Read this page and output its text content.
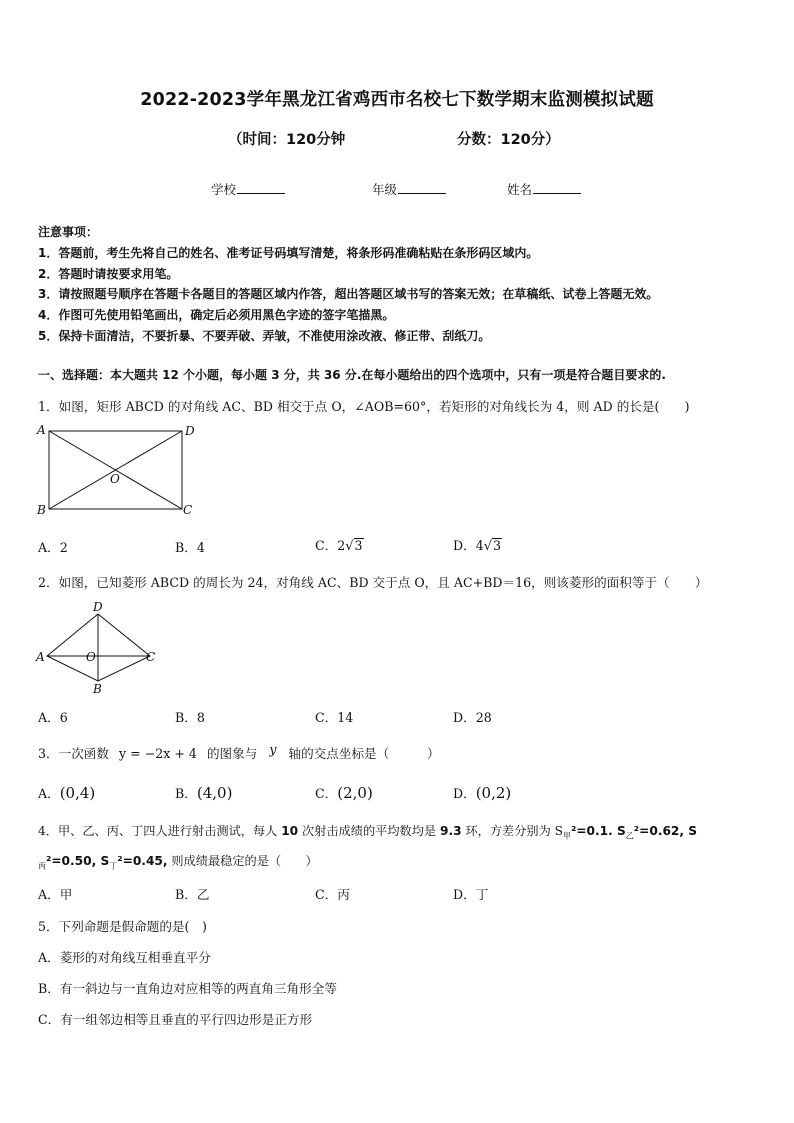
2022-2023学年黑龙江省鸡西市名校七下数学期末监测模拟试题
（时间：120分钟	分数：120分）
学校	年级	姓名
注意事项：
1．答题前，考生先将自己的姓名、准考证号码填写清楚，将条形码准确粘贴在条形码区域内。
2．答题时请按要求用笔。
3．请按照题号顺序在答题卡各题目的答题区域内作答，超出答题区域书写的答案无效；在草稿纸、试卷上答题无效。
4．作图可先使用铅笔画出，确定后必须用黑色字迹的签字笔描黑。
5．保持卡面清洁，不要折暴、不要弄破、弄皱，不准使用涂改液、修正带、刮纸刀。
一、选择题：本大题共 12 个小题，每小题 3 分，共 36 分.在每小题给出的四个选项中，只有一项是符合题目要求的.
1．如图，矩形 ABCD 的对角线 AC、BD 相交于点 O，∠AOB=60°，若矩形的对角线长为 4，则 AD 的长是(　　)
A	D
B	C
O
A．2	B．4	C．2√3	D．4√3
2．如图，已知菱形 ABCD 的周长为 24，对角线 AC、BD 交于点 O，且 AC+BD＝16，则该菱形的面积等于（　　）
D
A	C
O
B
A．6	B．8	C．14	D．28
3．一次函数 y = −2x + 4 的图象与 y 轴的交点坐标是（　　　）
A．(0,4)	B．(4,0)	C．(2,0)	D．(0,2)
4．甲、乙、丙、丁四人进行射击测试，每人 10 次射击成绩的平均数均是 9.3 环，方差分别为 $S_甲^2=0.1$. $S_乙^2=0.62$, S
$_丙$²=0.50, $S_丁^2=0.45$, 则成绩最稳定的是（　　）
A．甲	B．乙	C．丙	D．丁
5．下列命题是假命题的是(　)
A．菱形的对角线互相垂直平分
B．有一斜边与一直角边对应相等的两直角三角形全等
C．有一组邻边相等且垂直的平行四边形是正方形
